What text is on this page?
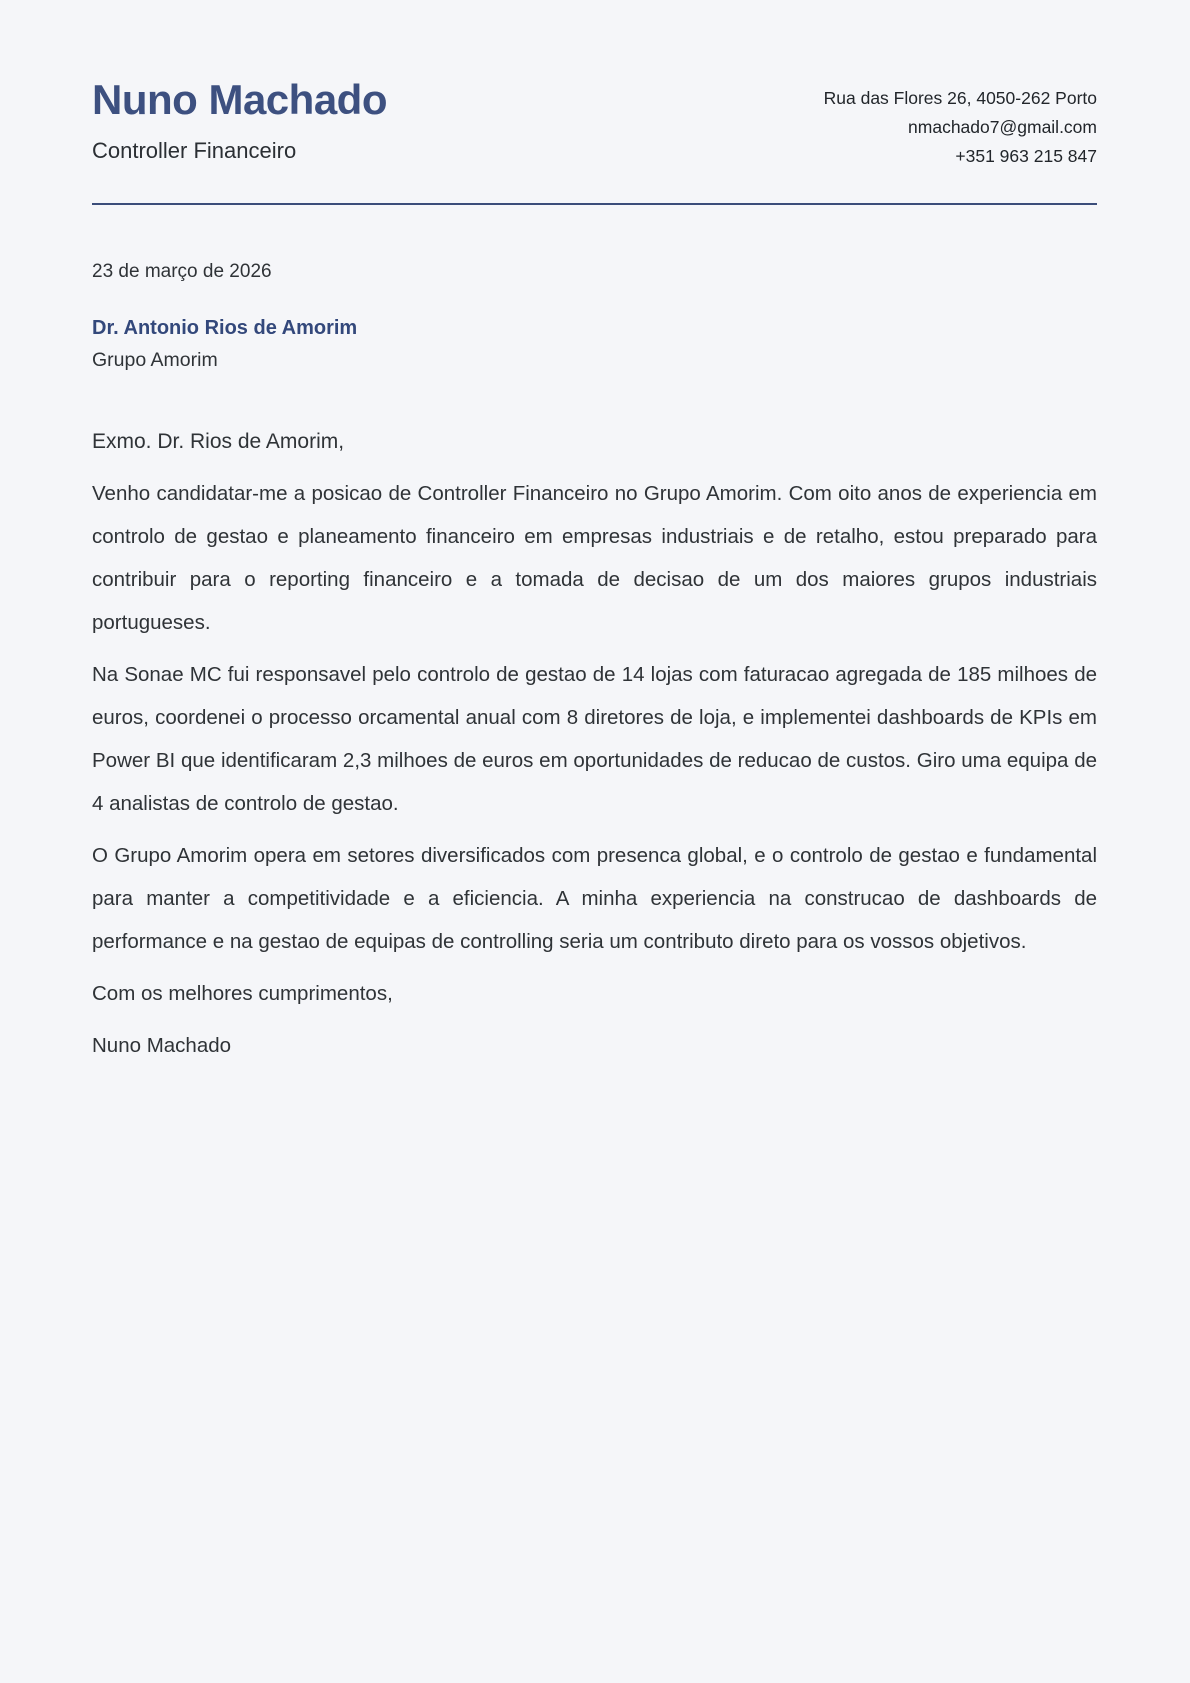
Nuno Machado
Controller Financeiro
Rua das Flores 26, 4050-262 Porto
nmachado7@gmail.com
+351 963 215 847

23 de março de 2026

Dr. Antonio Rios de Amorim

Grupo Amorim

Exmo. Dr. Rios de Amorim,

Venho candidatar-me a posicao de Controller Financeiro no Grupo Amorim. Com oito anos de experiencia em controlo de gestao e planeamento financeiro em empresas industriais e de retalho, estou preparado para contribuir para o reporting financeiro e a tomada de decisao de um dos maiores grupos industriais portugueses.

Na Sonae MC fui responsavel pelo controlo de gestao de 14 lojas com faturacao agregada de 185 milhoes de euros, coordenei o processo orcamental anual com 8 diretores de loja, e implementei dashboards de KPIs em Power BI que identificaram 2,3 milhoes de euros em oportunidades de reducao de custos. Giro uma equipa de 4 analistas de controlo de gestao.

O Grupo Amorim opera em setores diversificados com presenca global, e o controlo de gestao e fundamental para manter a competitividade e a eficiencia. A minha experiencia na construcao de dashboards de performance e na gestao de equipas de controlling seria um contributo direto para os vossos objetivos.

Com os melhores cumprimentos,

Nuno Machado
